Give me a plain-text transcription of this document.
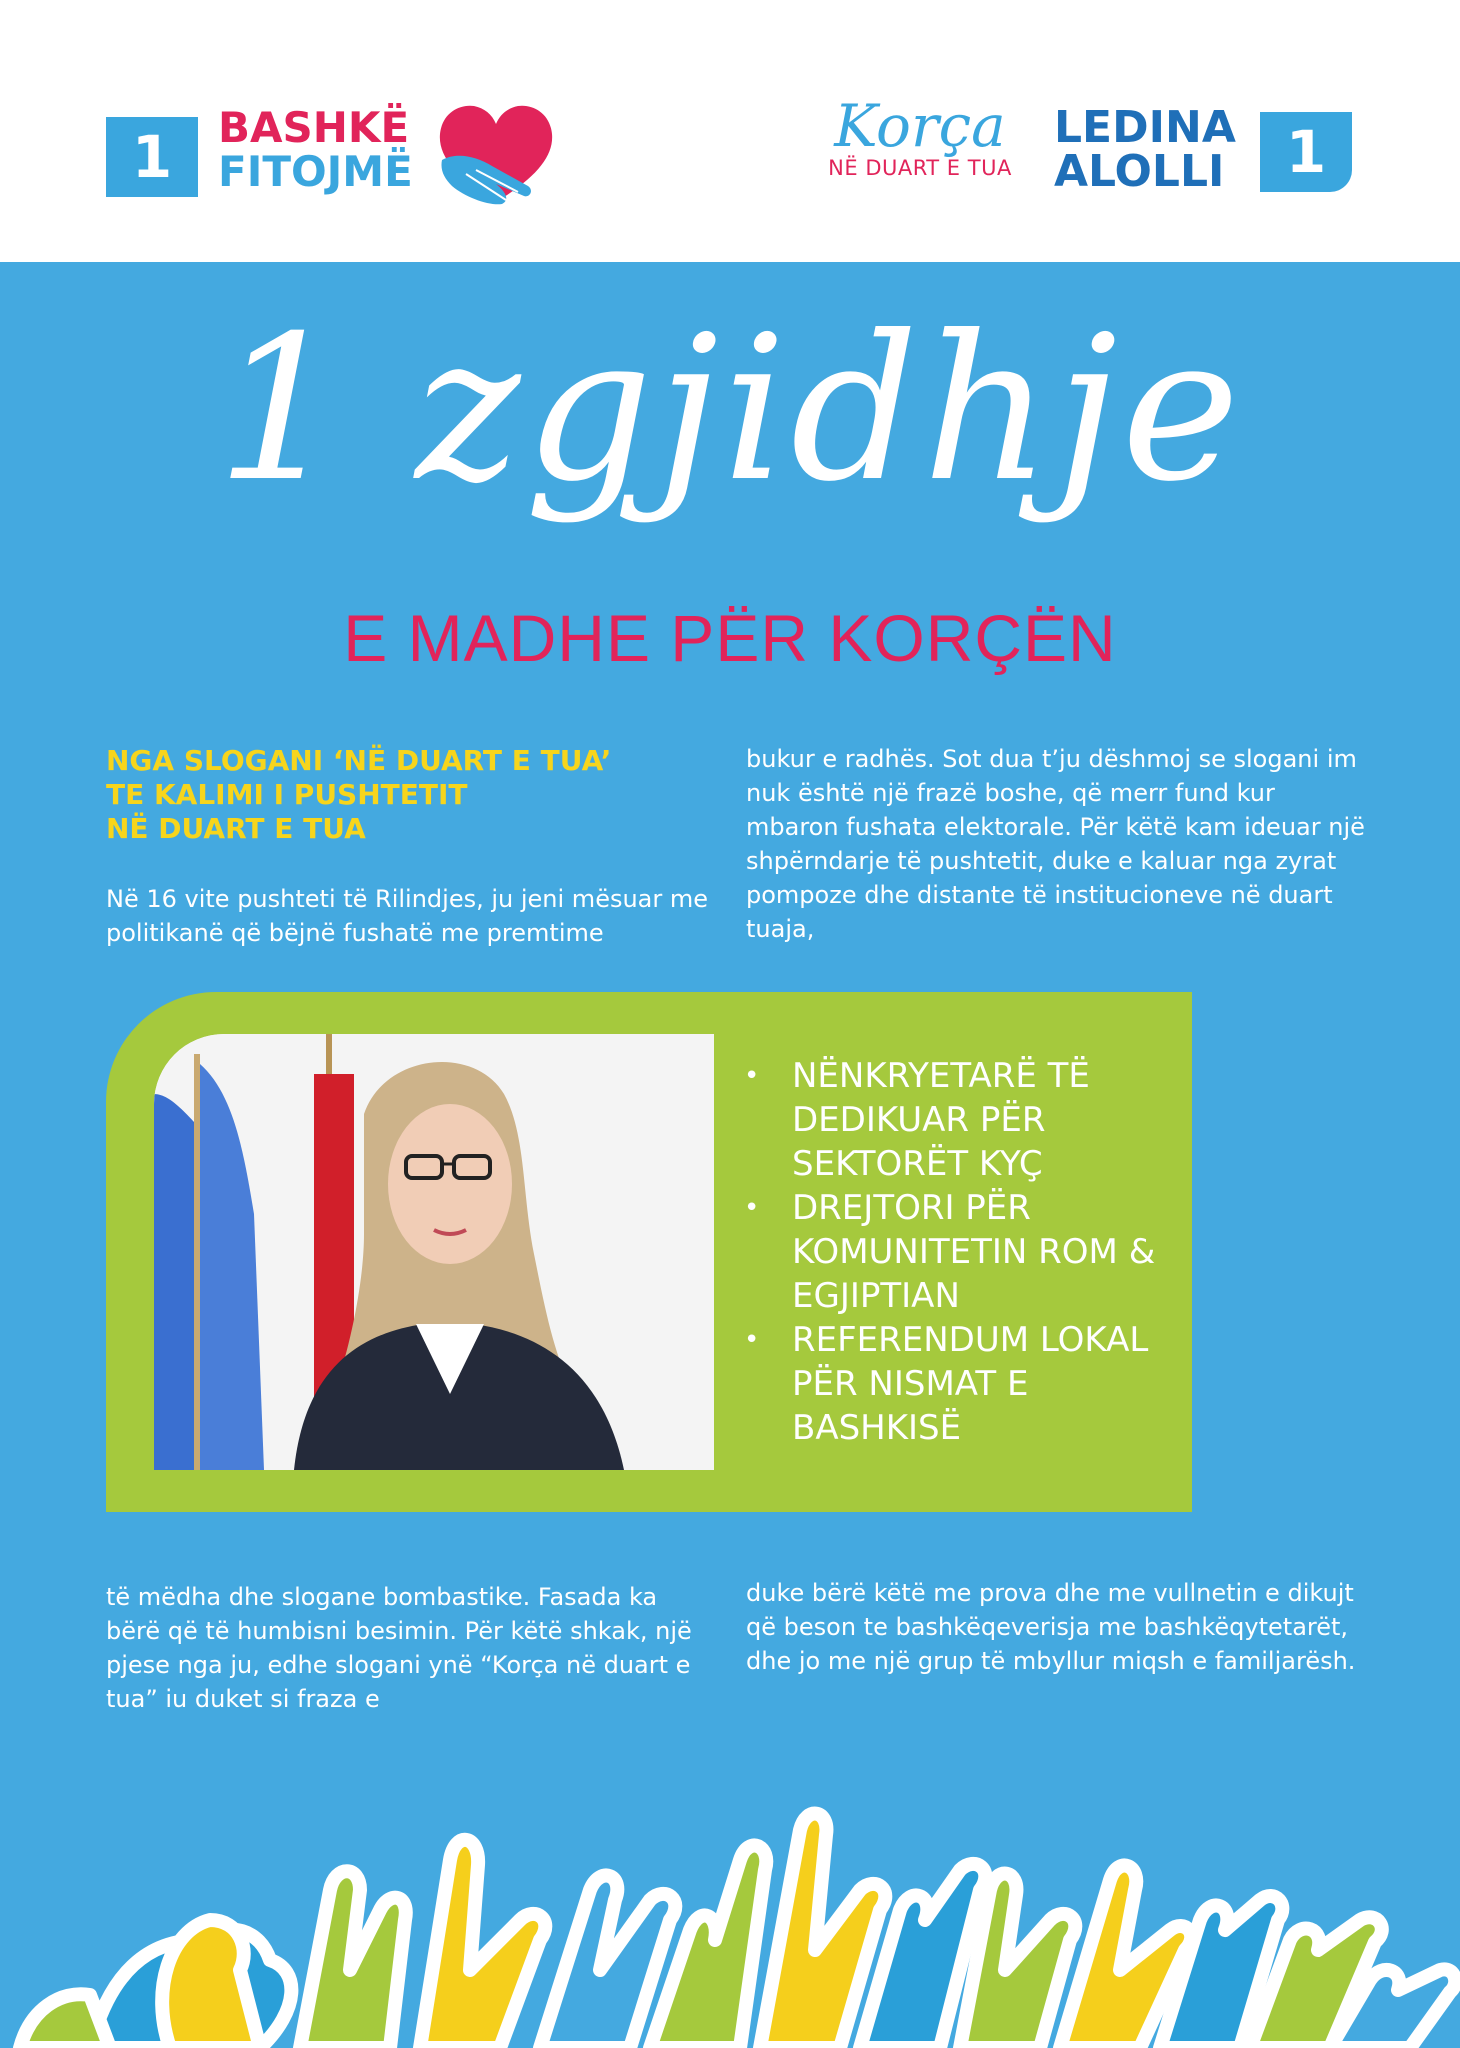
1	BASHKË
FITOJMË
Korça
NË DUART E TUA
LEDINA
ALOLLI	1
1 zgjidhje
E MADHE PËR KORÇËN
NGA SLOGANI ‘NË DUART E TUA’
TE KALIMI I PUSHTETIT
NË DUART E TUA
Në 16 vite pushteti të Rilindjes, ju jeni mësuar me politikanë që bëjnë fushatë me premtime
bukur e radhës. Sot dua t’ju dëshmoj se slogani im nuk është një frazë boshe, që merr fund kur mbaron fushata elektorale. Për këtë kam ideuar një shpërndarje të pushtetit, duke e kaluar nga zyrat pompoze dhe distante të institucioneve në duart tuaja,
• NËNKRYETARË TË DEDIKUAR PËR SEKTORËT KYÇ
• DREJTORI PËR KOMUNITETIN ROM & EGJIPTIAN
• REFERENDUM LOKAL PËR NISMAT E BASHKISË
të mëdha dhe slogane bombastike. Fasada ka bërë që të humbisni besimin. Për këtë shkak, një pjese nga ju, edhe slogani ynë “Korça në duart e tua” iu duket si fraza e
duke bërë këtë me prova dhe me vullnetin e dikujt që beson te bashkëqeverisja me bashkëqytetarët, dhe jo me një grup të mbyllur miqsh e familjarësh.
